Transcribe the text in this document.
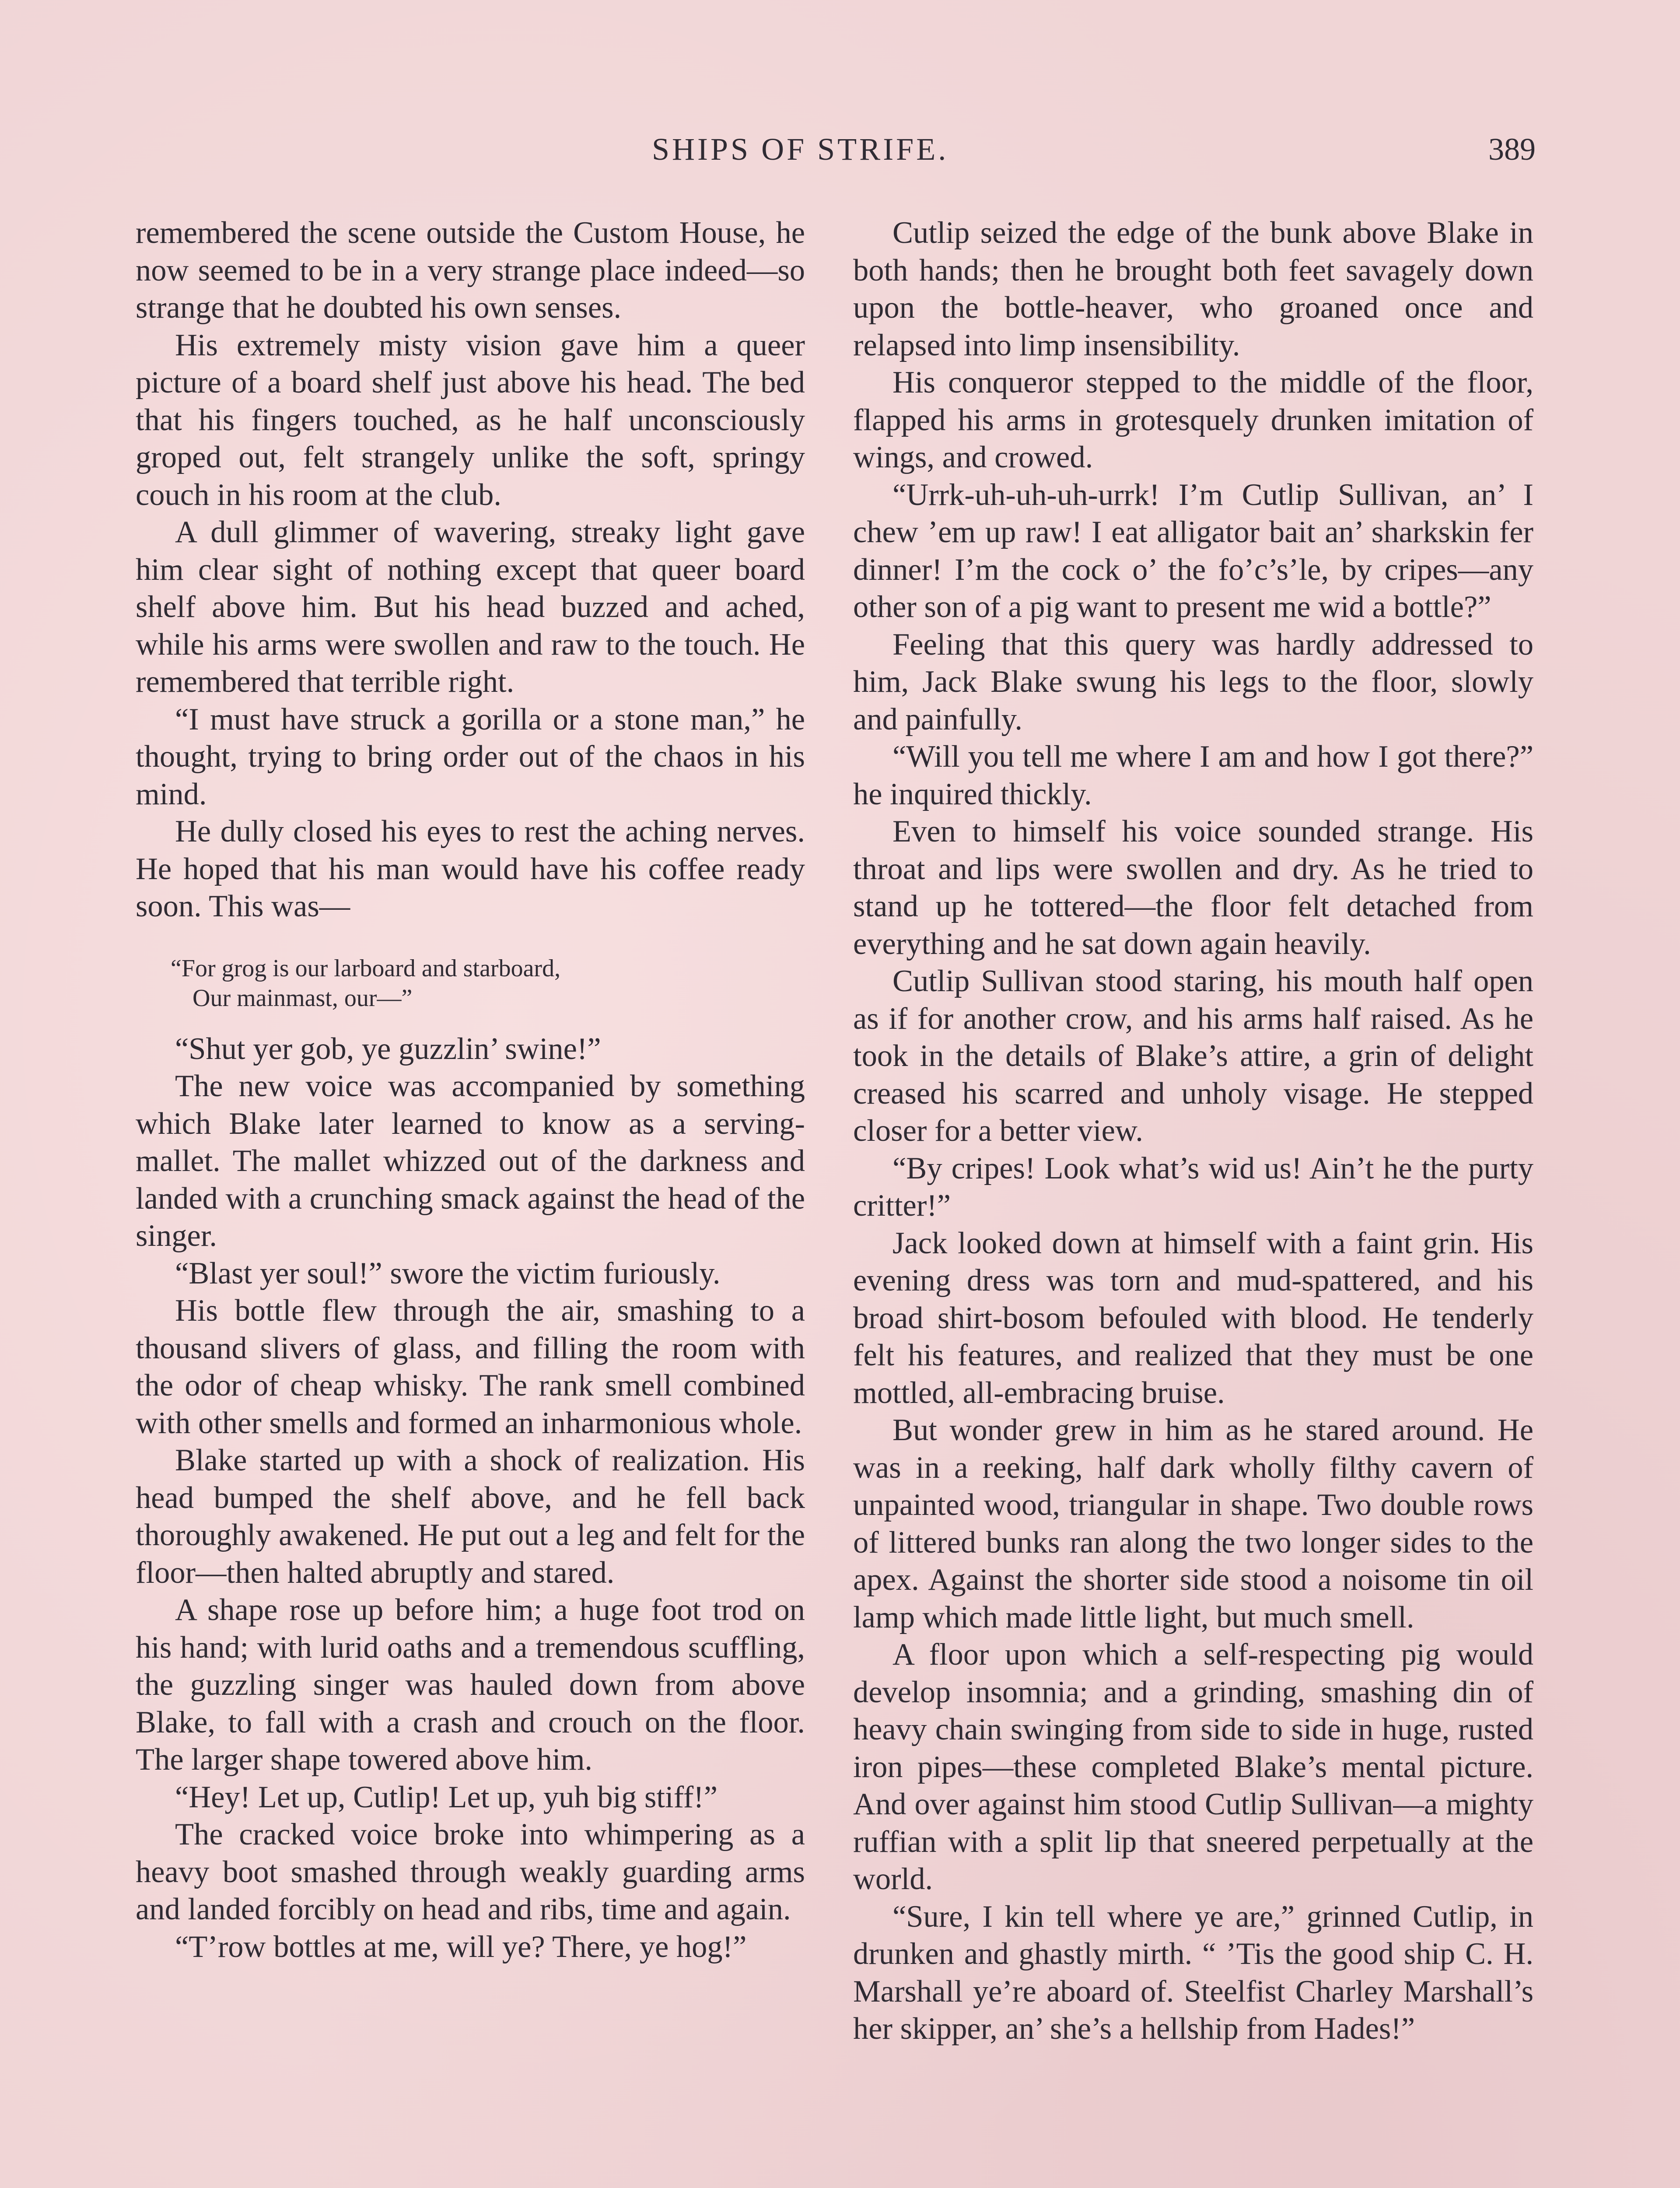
SHIPS OF STRIFE.	389

remembered the scene outside the Custom House, he now seemed to be in a very strange place indeed—so strange that he doubted his own senses.

His extremely misty vision gave him a queer picture of a board shelf just above his head. The bed that his fingers touched, as he half unconsciously groped out, felt strangely unlike the soft, springy couch in his room at the club.

A dull glimmer of wavering, streaky light gave him clear sight of nothing except that queer board shelf above him. But his head buzzed and ached, while his arms were swollen and raw to the touch. He remembered that terrible right.

“I must have struck a gorilla or a stone man,” he thought, trying to bring order out of the chaos in his mind.

He dully closed his eyes to rest the aching nerves. He hoped that his man would have his coffee ready soon. This was—

“For grog is our larboard and starboard,
Our mainmast, our—”

“Shut yer gob, ye guzzlin’ swine!”

The new voice was accompanied by something which Blake later learned to know as a serving-mallet. The mallet whizzed out of the darkness and landed with a crunching smack against the head of the singer.

“Blast yer soul!” swore the victim furiously.

His bottle flew through the air, smashing to a thousand slivers of glass, and filling the room with the odor of cheap whisky. The rank smell combined with other smells and formed an inharmonious whole.

Blake started up with a shock of realization. His head bumped the shelf above, and he fell back thoroughly awakened. He put out a leg and felt for the floor—then halted abruptly and stared.

A shape rose up before him; a huge foot trod on his hand; with lurid oaths and a tremendous scuffling, the guzzling singer was hauled down from above Blake, to fall with a crash and crouch on the floor. The larger shape towered above him.

“Hey! Let up, Cutlip! Let up, yuh big stiff!”

The cracked voice broke into whimpering as a heavy boot smashed through weakly guarding arms and landed forcibly on head and ribs, time and again.

“T’row bottles at me, will ye? There, ye hog!”

Cutlip seized the edge of the bunk above Blake in both hands; then he brought both feet savagely down upon the bottle-heaver, who groaned once and relapsed into limp insensibility.

His conqueror stepped to the middle of the floor, flapped his arms in grotesquely drunken imitation of wings, and crowed.

“Urrk-uh-uh-uh-urrk! I’m Cutlip Sullivan, an’ I chew ’em up raw! I eat alligator bait an’ sharkskin fer dinner! I’m the cock o’ the fo’c’s’le, by cripes—any other son of a pig want to present me wid a bottle?”

Feeling that this query was hardly addressed to him, Jack Blake swung his legs to the floor, slowly and painfully.

“Will you tell me where I am and how I got there?” he inquired thickly.

Even to himself his voice sounded strange. His throat and lips were swollen and dry. As he tried to stand up he tottered—the floor felt detached from everything and he sat down again heavily.

Cutlip Sullivan stood staring, his mouth half open as if for another crow, and his arms half raised. As he took in the details of Blake’s attire, a grin of delight creased his scarred and unholy visage. He stepped closer for a better view.

“By cripes! Look what’s wid us! Ain’t he the purty critter!”

Jack looked down at himself with a faint grin. His evening dress was torn and mud-spattered, and his broad shirt-bosom befouled with blood. He tenderly felt his features, and realized that they must be one mottled, all-embracing bruise.

But wonder grew in him as he stared around. He was in a reeking, half dark wholly filthy cavern of unpainted wood, triangular in shape. Two double rows of littered bunks ran along the two longer sides to the apex. Against the shorter side stood a noisome tin oil lamp which made little light, but much smell.

A floor upon which a self-respecting pig would develop insomnia; and a grinding, smashing din of heavy chain swinging from side to side in huge, rusted iron pipes—these completed Blake’s mental picture. And over against him stood Cutlip Sullivan—a mighty ruffian with a split lip that sneered perpetually at the world.

“Sure, I kin tell where ye are,” grinned Cutlip, in drunken and ghastly mirth. “ ’Tis the good ship C. H. Marshall ye’re aboard of. Steelfist Charley Marshall’s her skipper, an’ she’s a hellship from Hades!”
